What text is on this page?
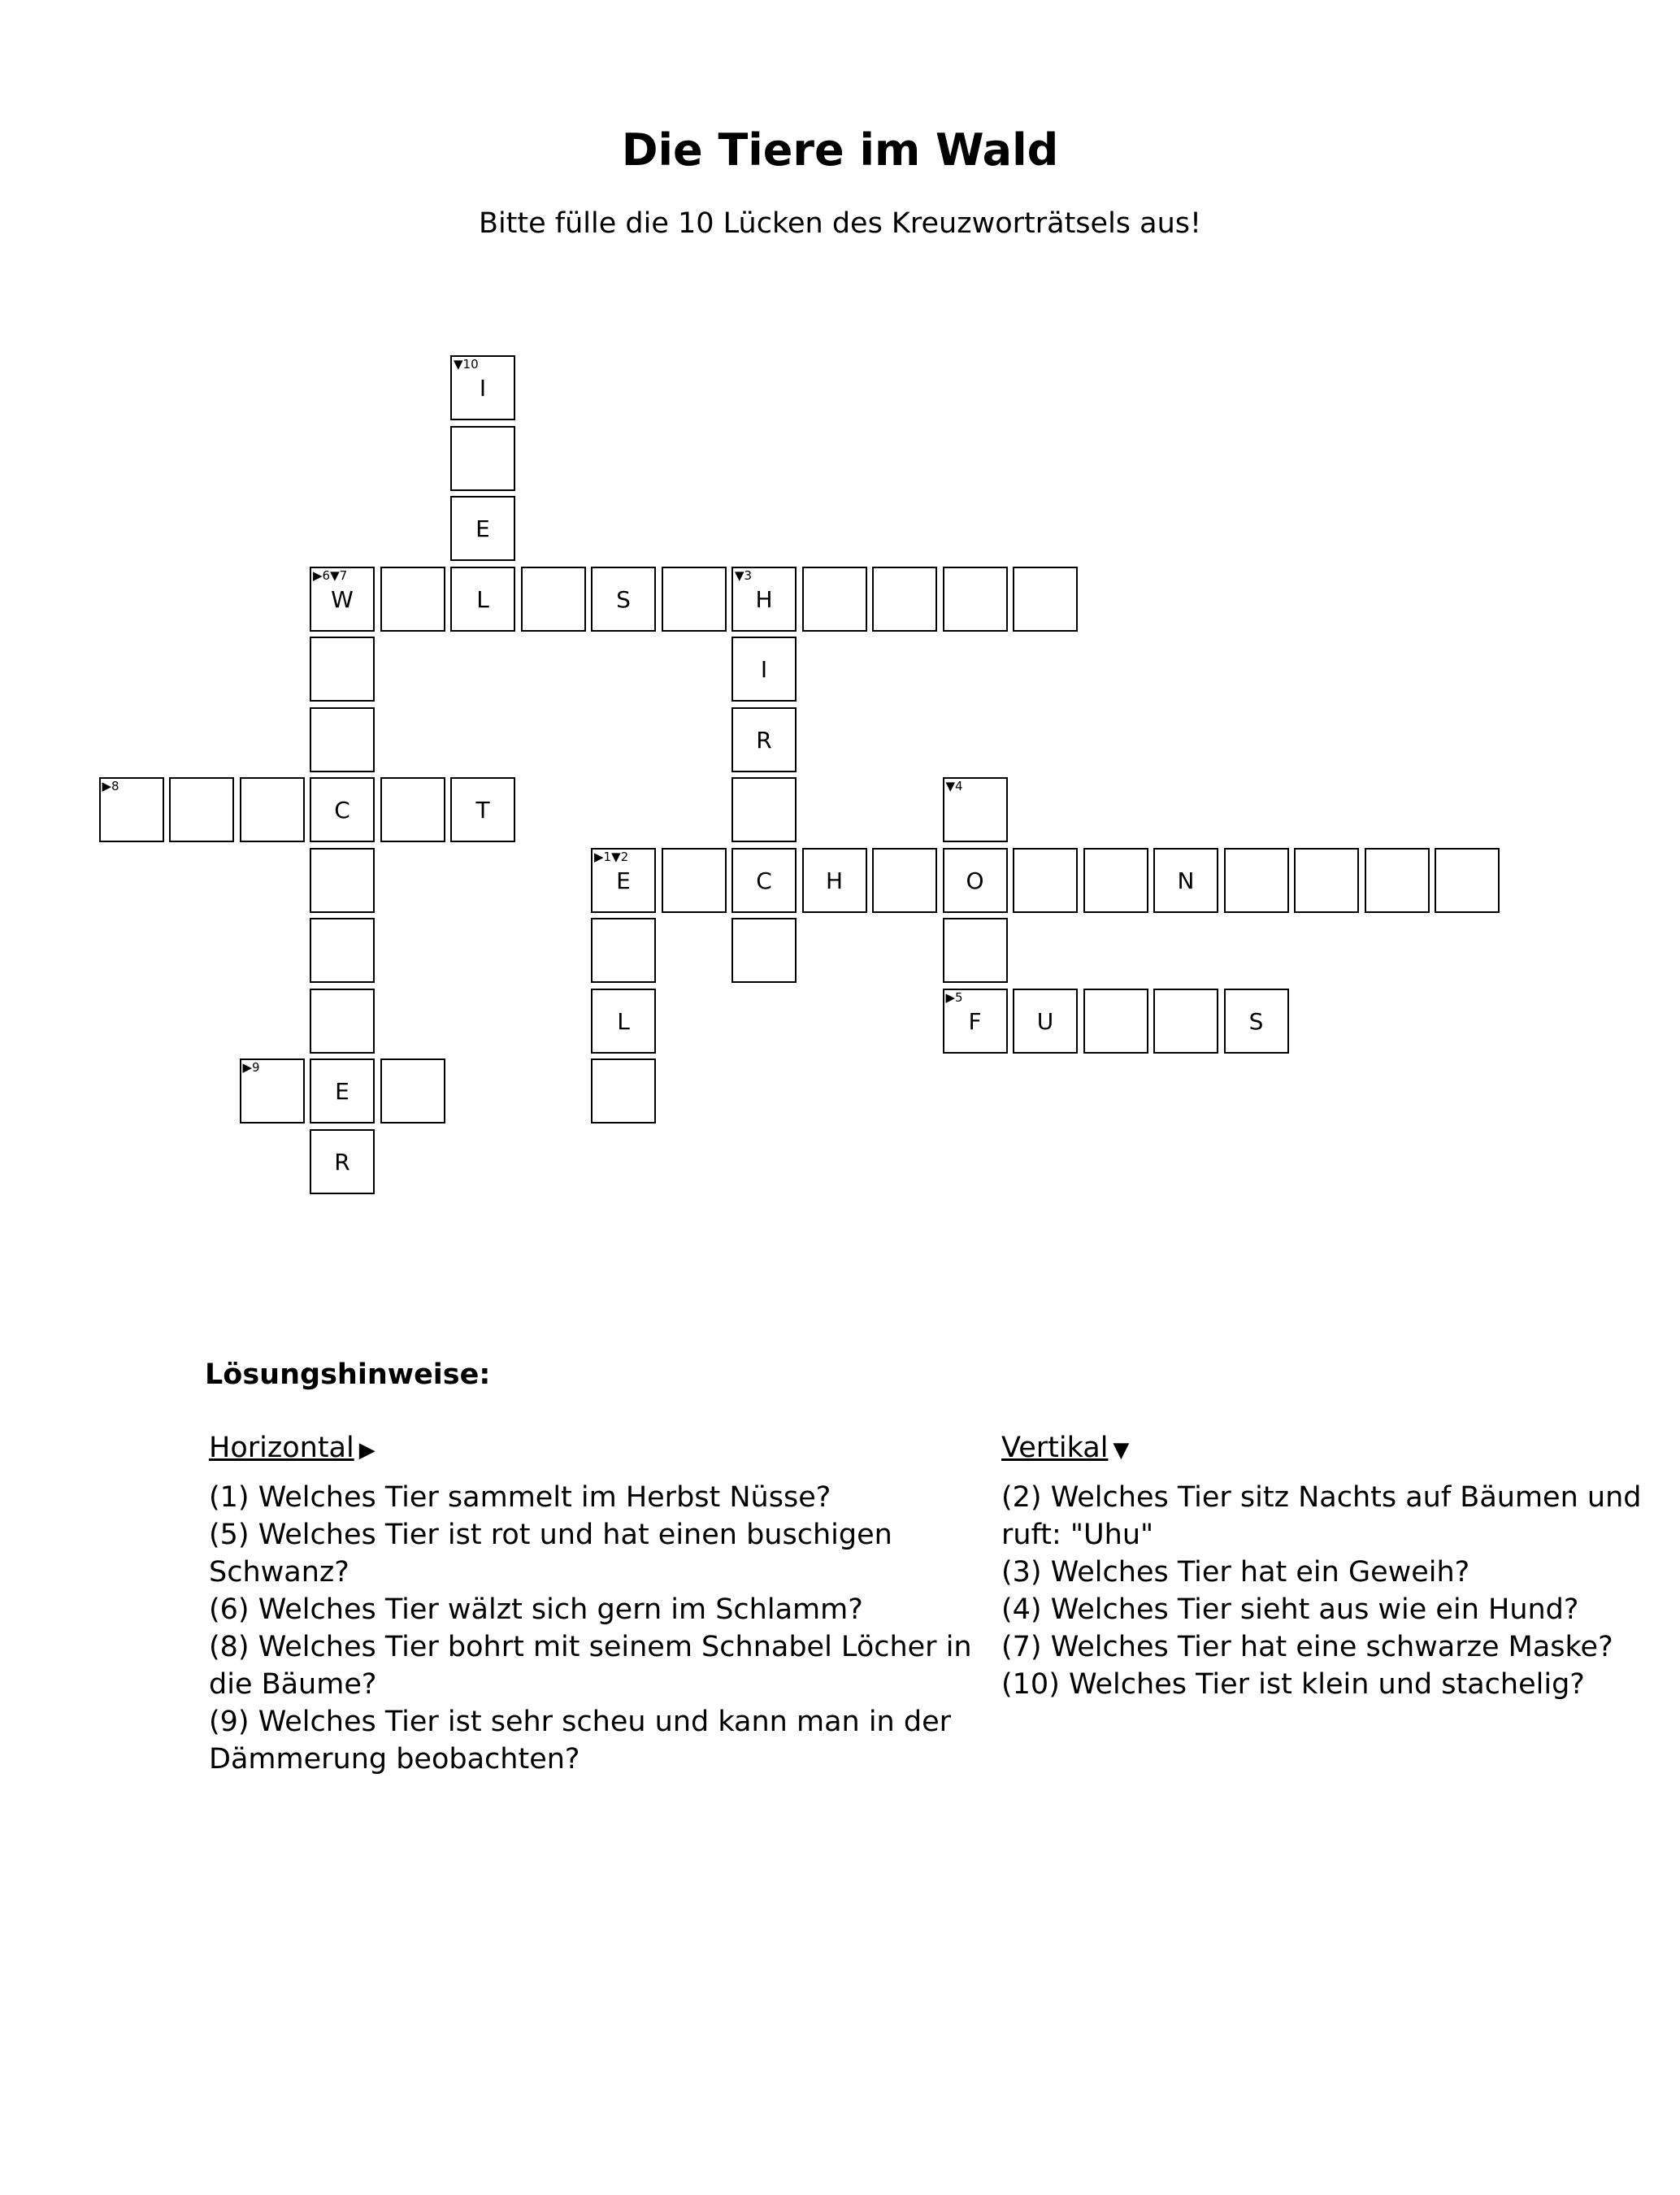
Die Tiere im Wald
Bitte fülle die 10 Lücken des Kreuzworträtsels aus!
▼10
I
E
▶6▼7
W	L	S
▼3
H
I
R
▶8
C	T
▼4
▶1▼2
E	C	H	O	N
L
▶5
F	U	S
▶9
E
R
Lösungshinweise:
Horizontal ▶

(1) Welches Tier sammelt im Herbst Nüsse?

(5) Welches Tier ist rot und hat einen buschigen Schwanz?

(6) Welches Tier wälzt sich gern im Schlamm?

(8) Welches Tier bohrt mit seinem Schnabel Löcher in die Bäume?

(9) Welches Tier ist sehr scheu und kann man in der Dämmerung beobachten?

Vertikal ▼

(2) Welches Tier sitz Nachts auf Bäumen und ruft: "Uhu"

(3) Welches Tier hat ein Geweih?

(4) Welches Tier sieht aus wie ein Hund?

(7) Welches Tier hat eine schwarze Maske?

(10) Welches Tier ist klein und stachelig?
